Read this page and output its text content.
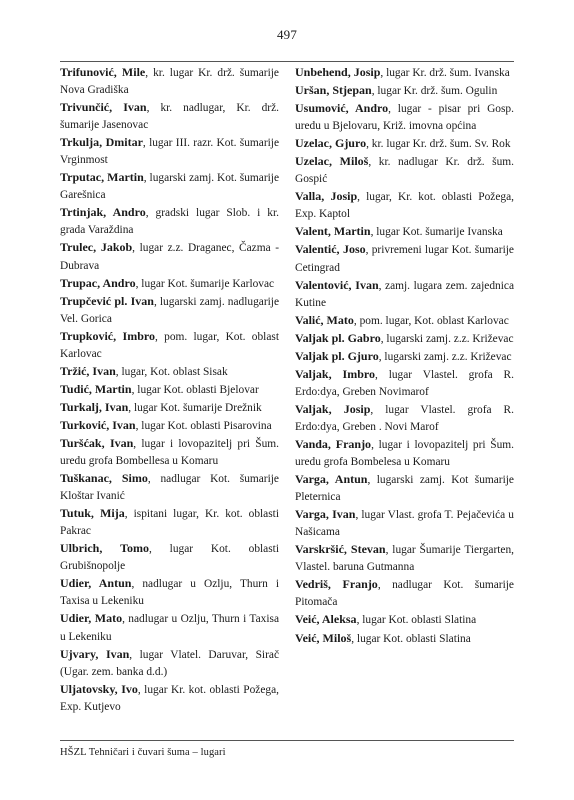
497

Trifunović, Mile, kr. lugar Kr. drž. šumarije Nova Gradiška

Trivunčić, Ivan, kr. nadlugar, Kr. drž. šumarije Jasenovac

Trkulja, Dmitar, lugar III. razr. Kot. šumarije Vrginmost

Trputac, Martin, lugarski zamj. Kot. šumarije Garešnica

Trtinjak, Andro, gradski lugar Slob. i kr. grada Varaždina

Trulec, Jakob, lugar z.z. Draganec, Čazma - Dubrava

Trupac, Andro, lugar Kot. šumarije Karlovac

Trupčević pl. Ivan, lugarski zamj. nadlugarije Vel. Gorica

Trupković, Imbro, pom. lugar, Kot. oblast Karlovac

Tržić, Ivan, lugar, Kot. oblast Sisak

Tudić, Martin, lugar Kot. oblasti Bjelovar

Turkalj, Ivan, lugar Kot. šumarije Drežnik

Turković, Ivan, lugar Kot. oblasti Pisarovina

Turšćak, Ivan, lugar i lovopazitelj pri Šum. uredu grofa Bombellesa u Komaru

Tuškanac, Simo, nadlugar Kot. šumarije Kloštar Ivanić

Tutuk, Mija, ispitani lugar, Kr. kot. oblasti Pakrac

Ulbrich, Tomo, lugar Kot. oblasti Grubišnopolje

Udier, Antun, nadlugar u Ozlju, Thurn i Taxisa u Lekeniku

Udier, Mato, nadlugar u Ozlju, Thurn i Taxisa u Lekeniku

Ujvary, Ivan, lugar Vlatel. Daruvar, Sirač (Ugar. zem. banka d.d.)

Uljatovsky, Ivo, lugar Kr. kot. oblasti Požega, Exp. Kutjevo

Unbehend, Josip, lugar Kr. drž. šum. Ivanska

Uršan, Stjepan, lugar Kr. drž. šum. Ogulin

Usumović, Andro, lugar - pisar pri Gosp. uredu u Bjelovaru, Križ. imovna općina

Uzelac, Gjuro, kr. lugar Kr. drž. šum. Sv. Rok

Uzelac, Miloš, kr. nadlugar Kr. drž. šum. Gospić

Valla, Josip, lugar, Kr. kot. oblasti Požega, Exp. Kaptol

Valent, Martin, lugar Kot. šumarije Ivanska

Valentić, Joso, privremeni lugar Kot. šumarije Cetingrad

Valentović, Ivan, zamj. lugara zem. zajednica Kutine

Valić, Mato, pom. lugar, Kot. oblast Karlovac

Valjak pl. Gabro, lugarski zamj. z.z. Križevac

Valjak pl. Gjuro, lugarski zamj. z.z. Križevac

Valjak, Imbro, lugar Vlastel. grofa R. Erdo:dya, Greben Novimarof

Valjak, Josip, lugar Vlastel. grofa R. Erdo:dya, Greben . Novi Marof

Vanda, Franjo, lugar i lovopazitelj pri Šum. uredu grofa Bombelesa u Komaru

Varga, Antun, lugarski zamj. Kot šumarije Pleternica

Varga, Ivan, lugar Vlast. grofa T. Pejačevića u Našicama

Varskršić, Stevan, lugar Šumarije Tiergarten, Vlastel. baruna Gutmanna

Vedriš, Franjo, nadlugar Kot. šumarije Pitomača

Veić, Aleksa, lugar Kot. oblasti Slatina

Veić, Miloš, lugar Kot. oblasti Slatina

HŠZL Tehničari i čuvari šuma – lugari
